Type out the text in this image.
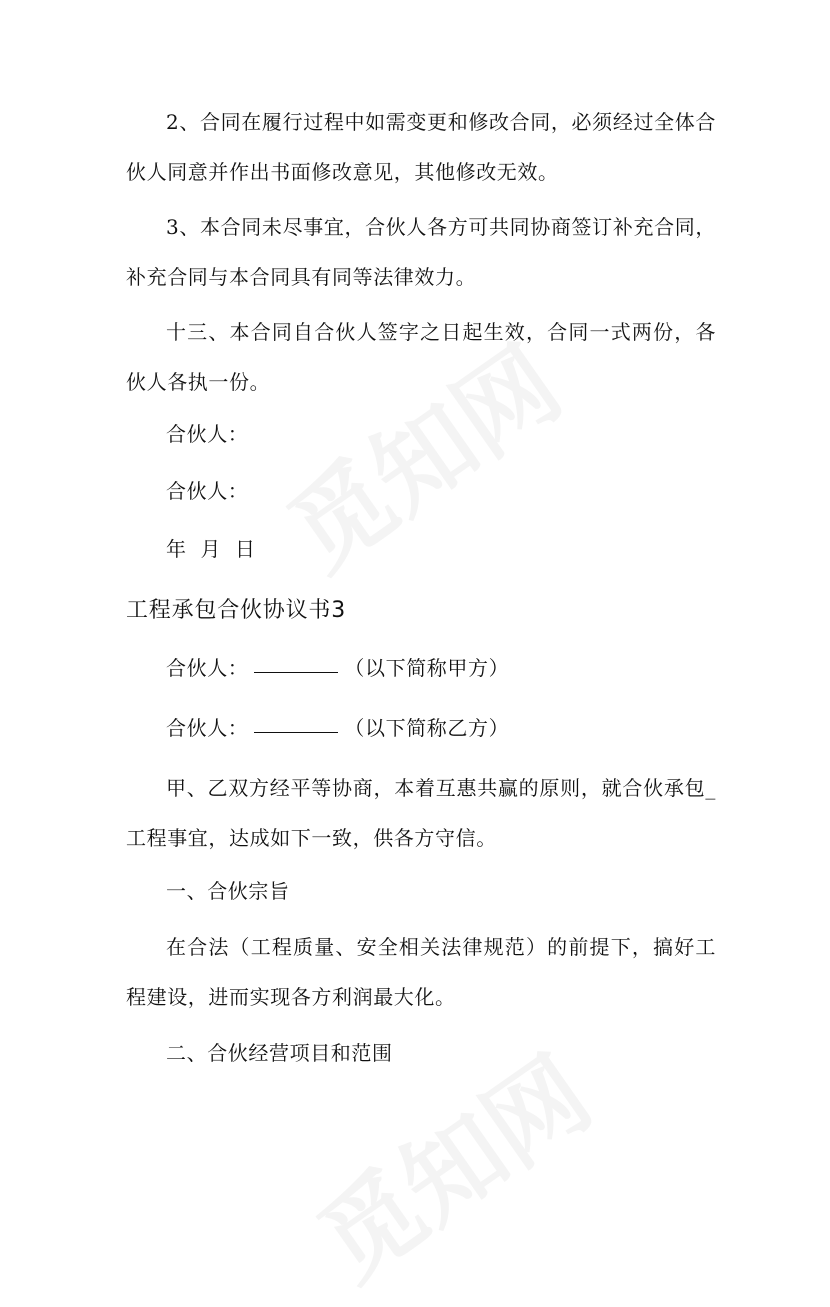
2、合同在履行过程中如需变更和修改合同，必须经过全体合伙人同意并作出书面修改意见，其他修改无效。

3、本合同未尽事宜，合伙人各方可共同协商签订补充合同，补充合同与本合同具有同等法律效力。

十三、本合同自合伙人签字之日起生效，合同一式两份，各伙人各执一份。

合伙人：

合伙人：

年  月  日

工程承包合伙协议书3

合伙人：	（以下简称甲方）

合伙人：	（以下简称乙方）

甲、乙双方经平等协商，本着互惠共赢的原则，就合伙承包_工程事宜，达成如下一致，供各方守信。

一、合伙宗旨

在合法（工程质量、安全相关法律规范）的前提下，搞好工程建设，进而实现各方利润最大化。

二、合伙经营项目和范围
